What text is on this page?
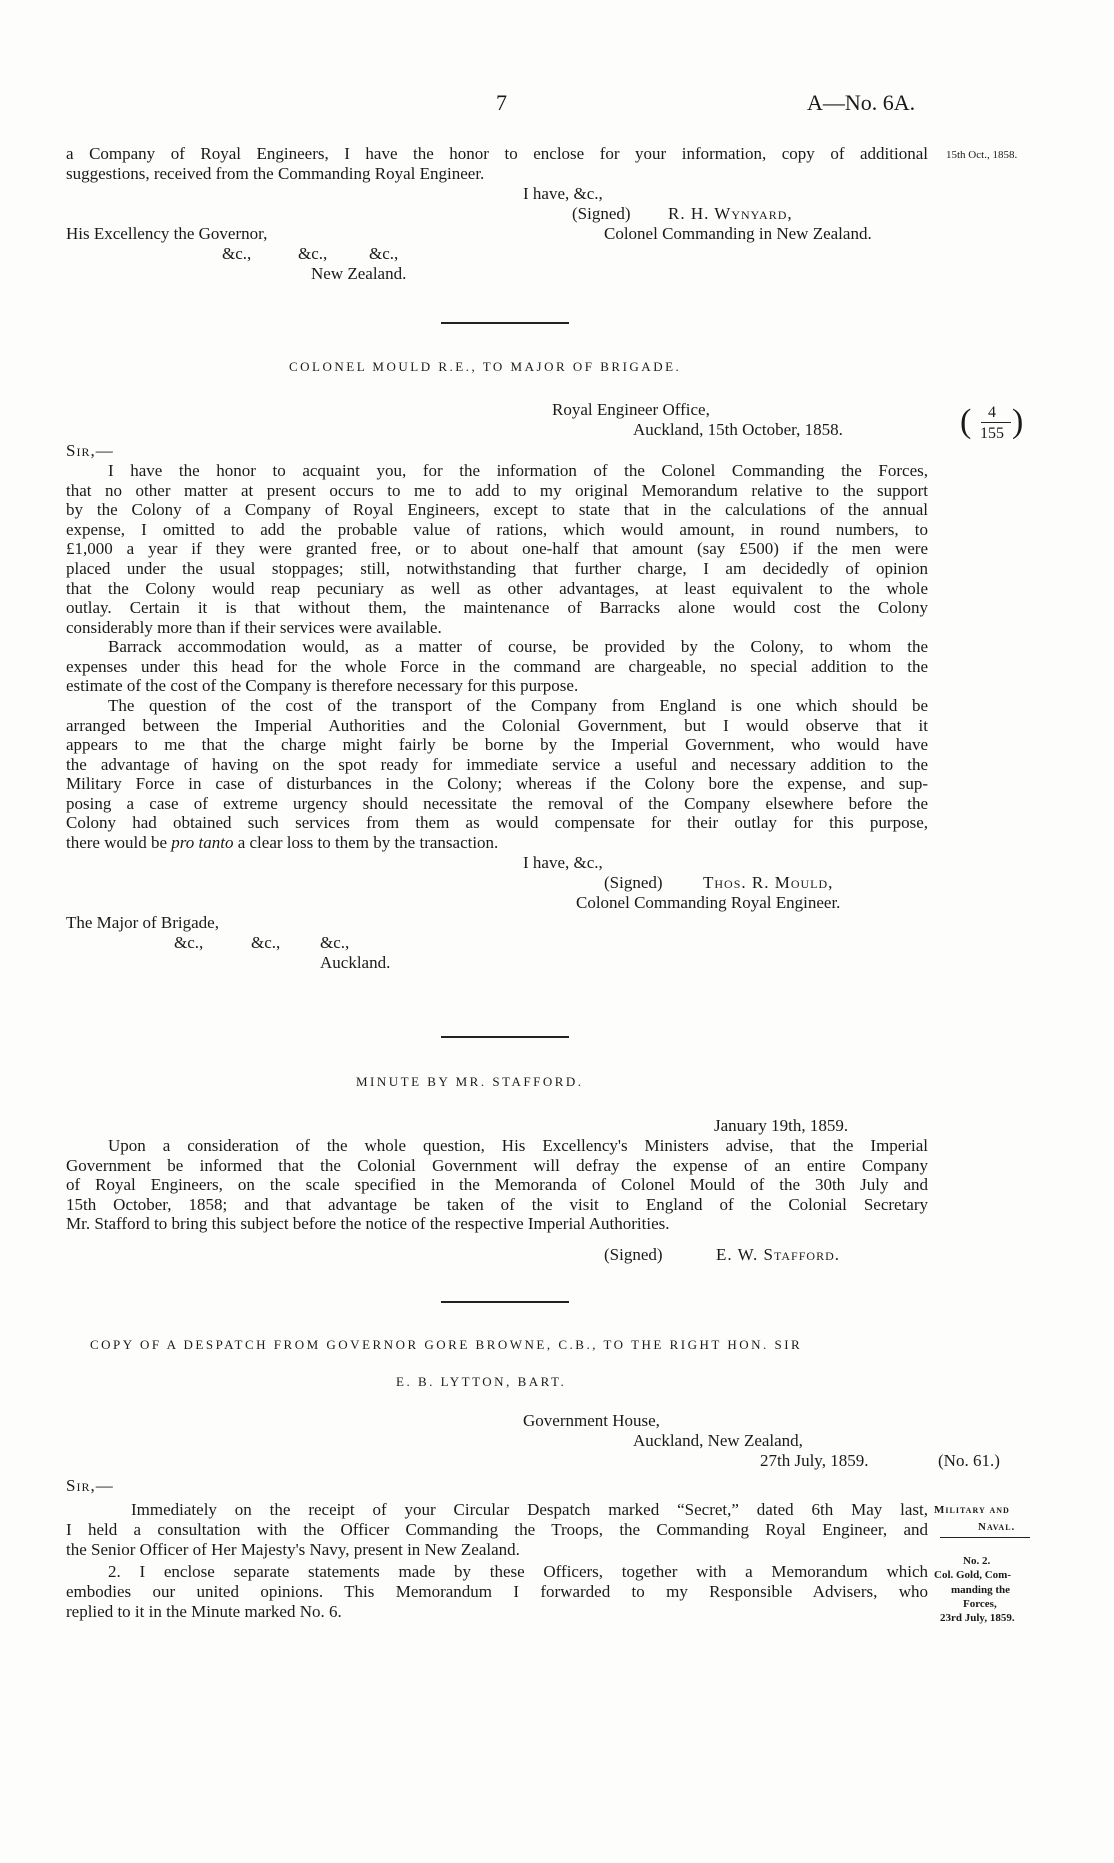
7	A—No. 6A.
15th Oct., 1858.
a Company of Royal Engineers, I have the honor to enclose for your information, copy of additional
suggestions, received from the Commanding Royal Engineer.
I have, &c.,
(Signed) R. H. Wynyard,
Colonel Commanding in New Zealand.
His Excellency the Governor,
&c.,	&c., &c.,
New Zealand.
COLONEL MOULD R.E., TO MAJOR OF BRIGADE.
Royal Engineer Office,
Auckland, 15th October, 1858.	( 4
155 )
Sir,—
I have the honor to acquaint you, for the information of the Colonel Commanding the Forces,
that no other matter at present occurs to me to add to my original Memorandum relative to the support
by the Colony of a Company of Royal Engineers, except to state that in the calculations of the annual
expense, I omitted to add the probable value of rations, which would amount, in round numbers, to
£1,000 a year if they were granted free, or to about one-half that amount (say £500) if the men were
placed under the usual stoppages; still, notwithstanding that further charge, I am decidedly of opinion
that the Colony would reap pecuniary as well as other advantages, at least equivalent to the whole
outlay. Certain it is that without them, the maintenance of Barracks alone would cost the Colony
considerably more than if their services were available.
Barrack accommodation would, as a matter of course, be provided by the Colony, to whom the
expenses under this head for the whole Force in the command are chargeable, no special addition to the
estimate of the cost of the Company is therefore necessary for this purpose.
The question of the cost of the transport of the Company from England is one which should be
arranged between the Imperial Authorities and the Colonial Government, but I would observe that it
appears to me that the charge might fairly be borne by the Imperial Government, who would have
the advantage of having on the spot ready for immediate service a useful and necessary addition to the
Military Force in case of disturbances in the Colony; whereas if the Colony bore the expense, and sup-
posing a case of extreme urgency should necessitate the removal of the Company elsewhere before the
Colony had obtained such services from them as would compensate for their outlay for this purpose,
there would be pro tanto a clear loss to them by the transaction.
I have, &c.,
(Signed) Thos. R. Mould,
Colonel Commanding Royal Engineer.
The Major of Brigade,
&c.,	&c., &c.,
Auckland.
MINUTE BY MR. STAFFORD.
January 19th, 1859.
Upon a consideration of the whole question, His Excellency's Ministers advise, that the Imperial
Government be informed that the Colonial Government will defray the expense of an entire Company
of Royal Engineers, on the scale specified in the Memoranda of Colonel Mould of the 30th July and
15th October, 1858; and that advantage be taken of the visit to England of the Colonial Secretary
Mr. Stafford to bring this subject before the notice of the respective Imperial Authorities.
(Signed)	E. W. Stafford.
COPY OF A DESPATCH FROM GOVERNOR GORE BROWNE, C.B., TO THE RIGHT HON. SIR
E. B. LYTTON, BART.
Government House,
Auckland, New Zealand,
27th July, 1859.	(No. 61.)
Sir,—
Immediately on the receipt of your Circular Despatch marked “Secret,” dated 6th May last,
I held a consultation with the Officer Commanding the Troops, the Commanding Royal Engineer, and
the Senior Officer of Her Majesty's Navy, present in New Zealand.
2. I enclose separate statements made by these Officers, together with a Memorandum which
embodies our united opinions. This Memorandum I forwarded to my Responsible Advisers, who
replied to it in the Minute marked No. 6.
Military and
Naval.
No. 2.
Col. Gold, Com-
manding the
Forces,
23rd July, 1859.
